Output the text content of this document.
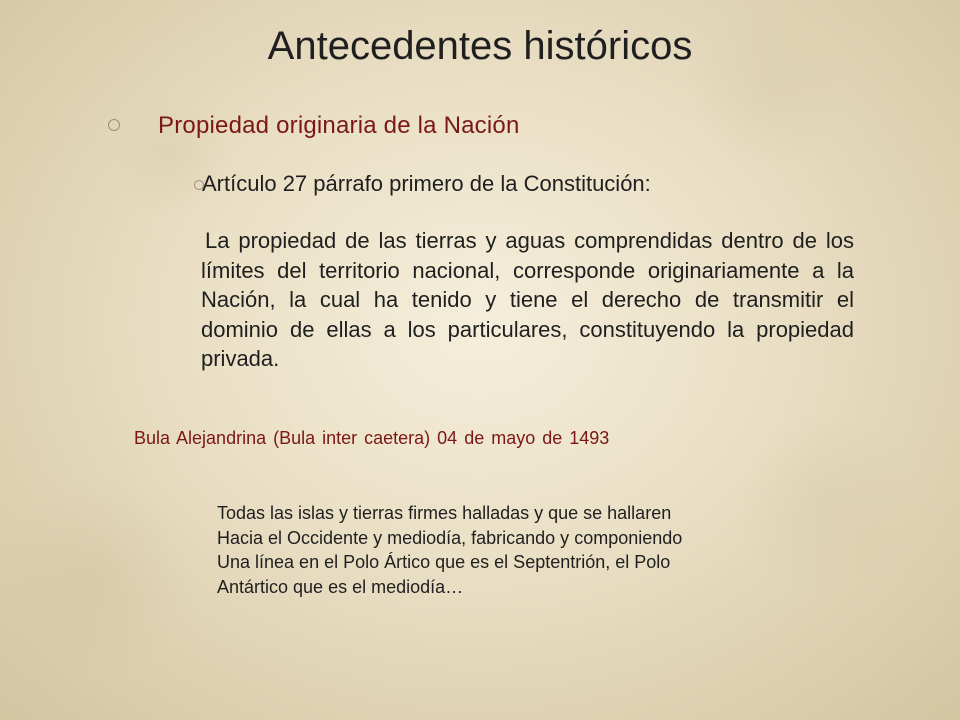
Antecedentes históricos
Propiedad originaria de la Nación
Artículo 27 párrafo primero de la Constitución:

La propiedad de las tierras y aguas comprendidas dentro de los límites del territorio nacional, corresponde originariamente a la Nación, la cual ha tenido y tiene el derecho de transmitir el dominio de ellas a los particulares, constituyendo la propiedad privada.

Bula Alejandrina (Bula inter caetera) 04 de mayo de 1493
Todas las islas y tierras firmes halladas y que se hallaren
Hacia el Occidente y mediodía, fabricando y componiendo
Una línea en el Polo Ártico que es el Septentrión, el Polo
Antártico que es el mediodía…
